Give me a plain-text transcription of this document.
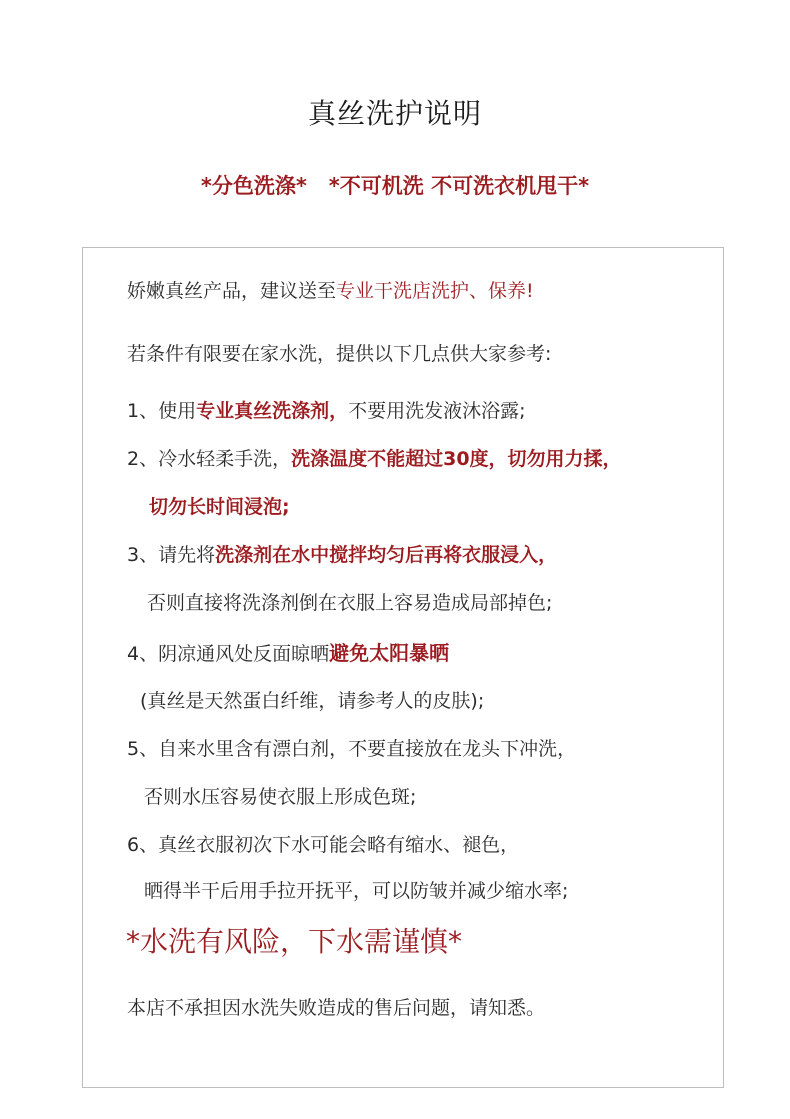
真丝洗护说明
*分色洗涤*   *不可机洗 不可洗衣机甩干*
娇嫩真丝产品，建议送至专业干洗店洗护、保养!
若条件有限要在家水洗，提供以下几点供大家参考:
1、使用专业真丝洗涤剂，不要用洗发液沐浴露;
2、冷水轻柔手洗，洗涤温度不能超过30度，切勿用力揉，
切勿长时间浸泡;
3、请先将洗涤剂在水中搅拌均匀后再将衣服浸入，
否则直接将洗涤剂倒在衣服上容易造成局部掉色;
4、阴凉通风处反面晾晒避免太阳暴晒
(真丝是天然蛋白纤维，请参考人的皮肤);
5、自来水里含有漂白剂，不要直接放在龙头下冲洗，
否则水压容易使衣服上形成色斑;
6、真丝衣服初次下水可能会略有缩水、褪色，
晒得半干后用手拉开抚平，可以防皱并减少缩水率;
*水洗有风险，下水需谨慎*
本店不承担因水洗失败造成的售后问题，请知悉。
